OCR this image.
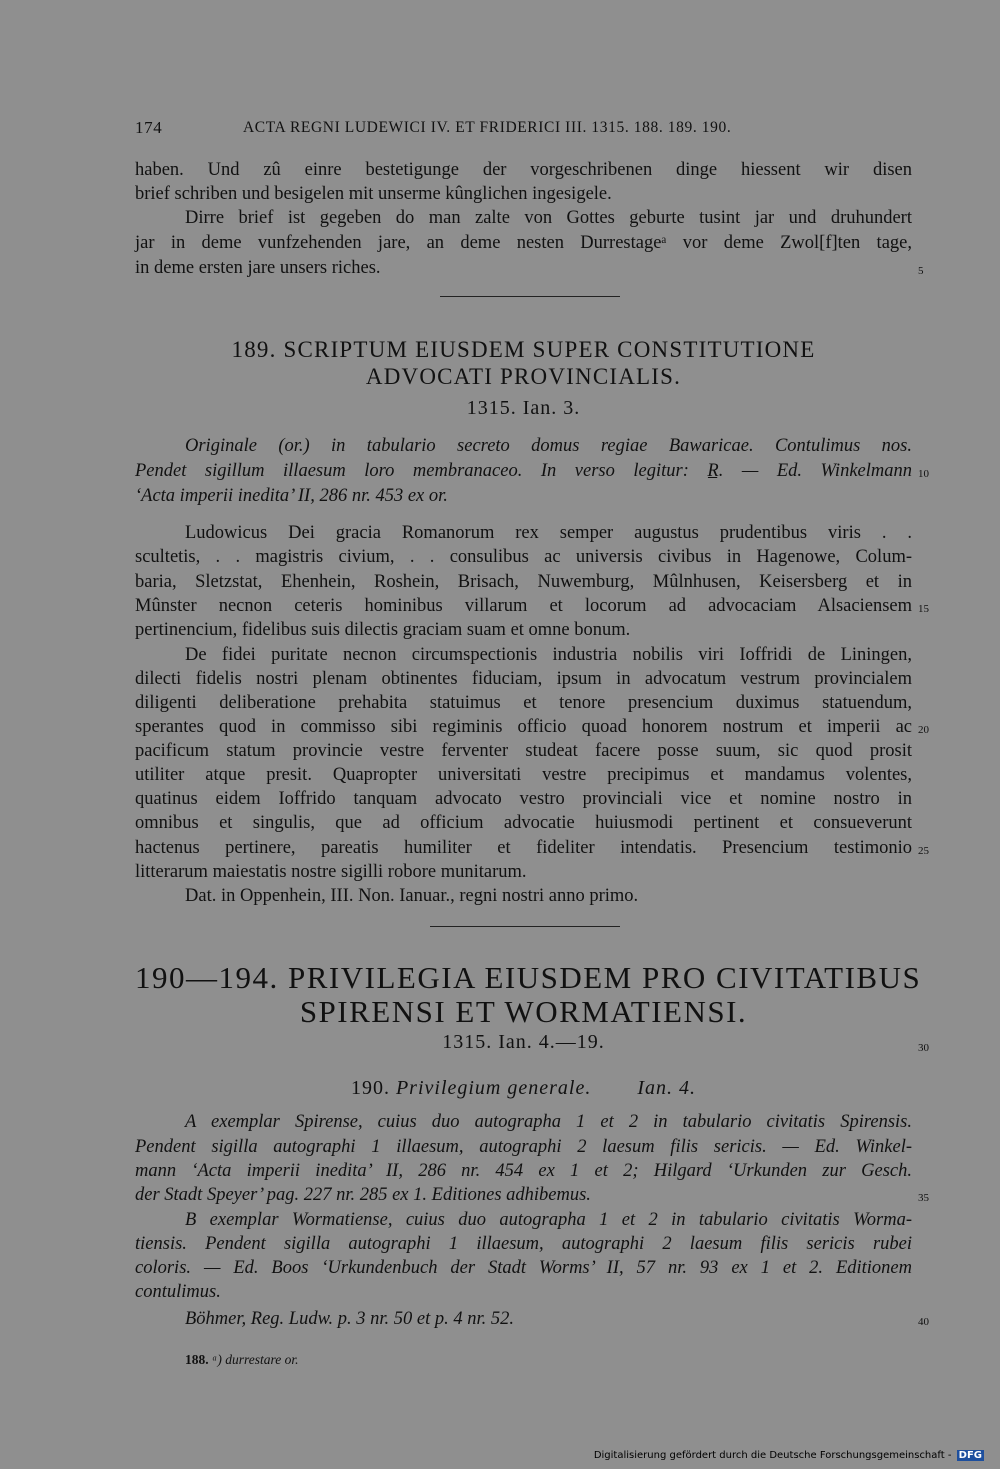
174	ACTA REGNI LUDEWICI IV. ET FRIDERICI III. 1315. 188. 189. 190.
haben. Und zû einre bestetigunge der vorgeschribenen dinge hiessent wir disen
brief schriben und besigelen mit unserme kûnglichen ingesigele.
Dirre brief ist gegeben do man zalte von Gottes geburte tusint jar und druhundert
jar in deme vunfzehenden jare, an deme nesten Durrestageᵃ vor deme Zwol[f]ten tage,
in deme ersten jare unsers riches.	5
189. SCRIPTUM EIUSDEM SUPER CONSTITUTIONE
ADVOCATI PROVINCIALIS.
1315. Ian. 3.
Originale (or.) in tabulario secreto domus regiae Bawaricae. Contulimus nos.
Pendet sigillum illaesum loro membranaceo. In verso legitur: R̲. — Ed. Winkelmann 10
‘Acta imperii inedita’ II, 286 nr. 453 ex or.
Ludowicus Dei gracia Romanorum rex semper augustus prudentibus viris . .
scultetis, . . magistris civium, . . consulibus ac universis civibus in Hagenowe, Colum-
baria, Sletzstat, Ehenhein, Roshein, Brisach, Nuwemburg, Mûlnhusen, Keisersberg et in
Mûnster necnon ceteris hominibus villarum et locorum ad advocaciam Alsaciensem 15
pertinencium, fidelibus suis dilectis graciam suam et omne bonum.
De fidei puritate necnon circumspectionis industria nobilis viri Ioffridi de Liningen,
dilecti fidelis nostri plenam obtinentes fiduciam, ipsum in advocatum vestrum provincialem
diligenti deliberatione prehabita statuimus et tenore presencium duximus statuendum,
sperantes quod in commisso sibi regiminis officio quoad honorem nostrum et imperii ac 20
pacificum statum provincie vestre ferventer studeat facere posse suum, sic quod prosit
utiliter atque presit. Quapropter universitati vestre precipimus et mandamus volentes,
quatinus eidem Ioffrido tanquam advocato vestro provinciali vice et nomine nostro in
omnibus et singulis, que ad officium advocatie huiusmodi pertinent et consueverunt
hactenus pertinere, pareatis humiliter et fideliter intendatis. Presencium testimonio 25
litterarum maiestatis nostre sigilli robore munitarum.
Dat. in Oppenhein, III. Non. Ianuar., regni nostri anno primo.
190—194. PRIVILEGIA EIUSDEM PRO CIVITATIBUS
SPIRENSI ET WORMATIENSI.
1315. Ian. 4.—19.	30
190. Privilegium generale. Ian. 4.
A exemplar Spirense, cuius duo autographa 1 et 2 in tabulario civitatis Spirensis.
Pendent sigilla autographi 1 illaesum, autographi 2 laesum filis sericis. — Ed. Winkel-
mann ‘Acta imperii inedita’ II, 286 nr. 454 ex 1 et 2; Hilgard ‘Urkunden zur Gesch.
der Stadt Speyer’ pag. 227 nr. 285 ex 1. Editiones adhibemus.	35
B exemplar Wormatiense, cuius duo autographa 1 et 2 in tabulario civitatis Worma-
tiensis. Pendent sigilla autographi 1 illaesum, autographi 2 laesum filis sericis rubei
coloris. — Ed. Boos ‘Urkundenbuch der Stadt Worms’ II, 57 nr. 93 ex 1 et 2. Editionem
contulimus.
Böhmer, Reg. Ludw. p. 3 nr. 50 et p. 4 nr. 52.	40
188. ᵃ) durrestare or.
Digitalisierung gefördert durch die Deutsche Forschungsgemeinschaft - DFG
